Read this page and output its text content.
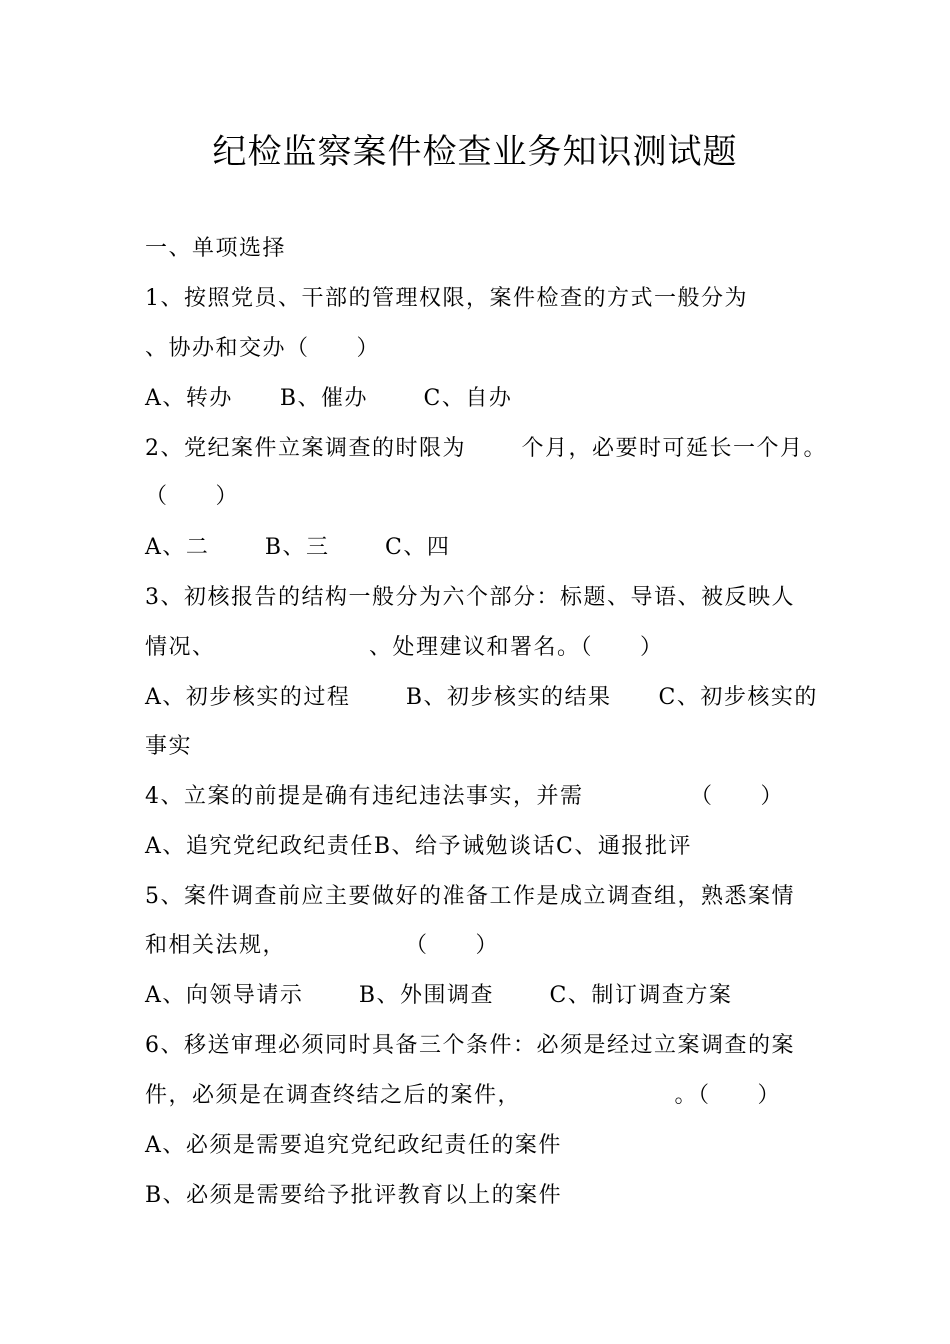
纪检监察案件检查业务知识测试题
一、单项选择
1、按照党员、干部的管理权限，案件检查的方式一般分为
、协办和交办（　　）
A、转办　　B、催办　　 C、自办
2、党纪案件立案调查的时限为　　 个月，必要时可延长一个月。
（　　）
A、二　　 B、三　　 C、四
3、初核报告的结构一般分为六个部分：标题、导语、被反映人
情况、　　　　　　　、处理建议和署名。（　　）
A、初步核实的过程　　 B、初步核实的结果　　C、初步核实的
事实
4、立案的前提是确有违纪违法事实，并需　　　　　（　　）
A、追究党纪政纪责任B、给予诫勉谈话C、通报批评
5、案件调查前应主要做好的准备工作是成立调查组，熟悉案情
和相关法规，　　　　　　（　　）
A、向领导请示　　 B、外围调查　　 C、制订调查方案
6、移送审理必须同时具备三个条件：必须是经过立案调查的案
件，必须是在调查终结之后的案件，　　　　　　　。（　　）
A、必须是需要追究党纪政纪责任的案件
B、必须是需要给予批评教育以上的案件
